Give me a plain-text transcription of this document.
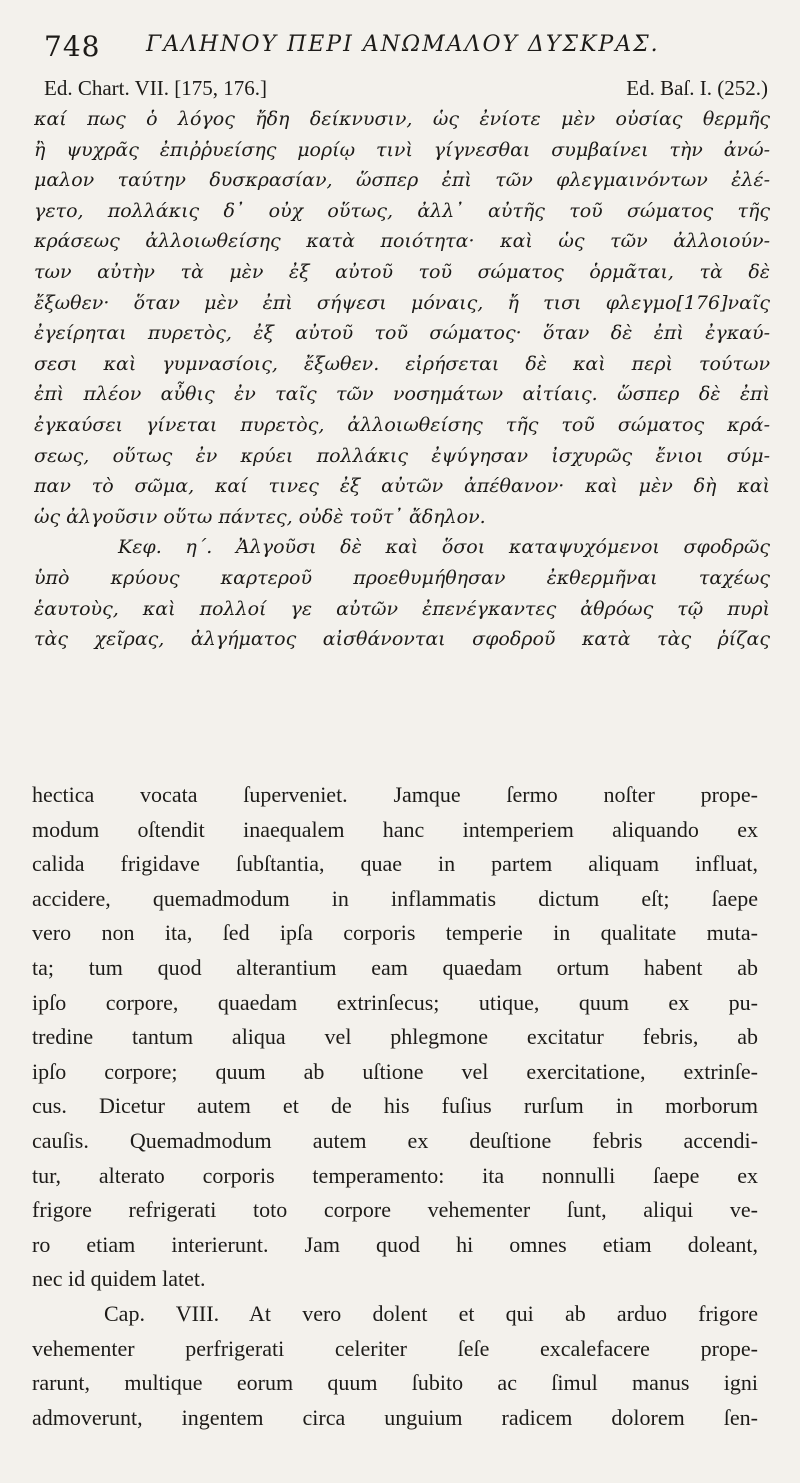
748 ΓΑΛΗΝΟΥ ΠΕΡΙ ΑΝΩΜΑΛΟΥ ΔΥΣΚΡΑΣ.
Ed. Chart. VII. [175, 176.]	Ed. Baſ. I. (252.)
καί πως ὁ λόγος ἤδη δείκνυσιν, ὡς ἐνίοτε μὲν οὐσίας θερμῆς
ἢ ψυχρᾶς ἐπιῤῥυείσης μορίῳ τινὶ γίγνεσθαι συμβαίνει τὴν ἀνώ-
μαλον ταύτην δυσκρασίαν, ὥσπερ ἐπὶ τῶν φλεγμαινόντων ἐλέ-
γετο, πολλάκις δ᾽ οὐχ οὕτως, ἀλλ᾽ αὐτῆς τοῦ σώματος τῆς
κράσεως ἀλλοιωθείσης κατὰ ποιότητα· καὶ ὡς τῶν ἀλλοιούν-
των αὐτὴν τὰ μὲν ἐξ αὐτοῦ τοῦ σώματος ὁρμᾶται, τὰ δὲ
ἔξωθεν· ὅταν μὲν ἐπὶ σήψεσι μόναις, ἤ τισι φλεγμο[176]ναῖς
ἐγείρηται πυρετὸς, ἐξ αὐτοῦ τοῦ σώματος· ὅταν δὲ ἐπὶ ἐγκαύ-
σεσι καὶ γυμνασίοις, ἔξωθεν. εἰρήσεται δὲ καὶ περὶ τούτων
ἐπὶ πλέον αὖθις ἐν ταῖς τῶν νοσημάτων αἰτίαις. ὥσπερ δὲ ἐπὶ
ἐγκαύσει γίνεται πυρετὸς, ἀλλοιωθείσης τῆς τοῦ σώματος κρά-
σεως, οὕτως ἐν κρύει πολλάκις ἐψύγησαν ἰσχυρῶς ἔνιοι σύμ-
παν τὸ σῶμα, καί τινες ἐξ αὐτῶν ἀπέθανον· καὶ μὲν δὴ καὶ
ὡς ἀλγοῦσιν οὕτω πάντες, οὐδὲ τοῦτ᾽ ἄδηλον.
Κεφ. η΄. Ἀλγοῦσι δὲ καὶ ὅσοι καταψυχόμενοι σφοδρῶς
ὑπὸ κρύους καρτεροῦ προεθυμήθησαν ἐκθερμῆναι ταχέως
ἑαυτοὺς, καὶ πολλοί γε αὐτῶν ἐπενέγκαντες ἀθρόως τῷ πυρὶ
τὰς χεῖρας, ἀλγήματος αἰσθάνονται σφοδροῦ κατὰ τὰς ῥίζας
hectica vocata ſuperveniet. Jamque ſermo noſter prope-
modum oſtendit inaequalem hanc intemperiem aliquando ex
calida frigidave ſubſtantia, quae in partem aliquam influat,
accidere, quemadmodum in inflammatis dictum eſt; ſaepe
vero non ita, ſed ipſa corporis temperie in qualitate muta-
ta; tum quod alterantium eam quaedam ortum habent ab
ipſo corpore, quaedam extrinſecus; utique, quum ex pu-
tredine tantum aliqua vel phlegmone excitatur febris, ab
ipſo corpore; quum ab uſtione vel exercitatione, extrinſe-
cus. Dicetur autem et de his fuſius rurſum in morborum
cauſis. Quemadmodum autem ex deuſtione febris accendi-
tur, alterato corporis temperamento: ita nonnulli ſaepe ex
frigore refrigerati toto corpore vehementer ſunt, aliqui ve-
ro etiam interierunt. Jam quod hi omnes etiam doleant,
nec id quidem latet.
Cap. VIII. At vero dolent et qui ab arduo frigore
vehementer perfrigerati celeriter ſeſe excalefacere prope-
rarunt, multique eorum quum ſubito ac ſimul manus igni
admoverunt, ingentem circa unguium radicem dolorem ſen-
